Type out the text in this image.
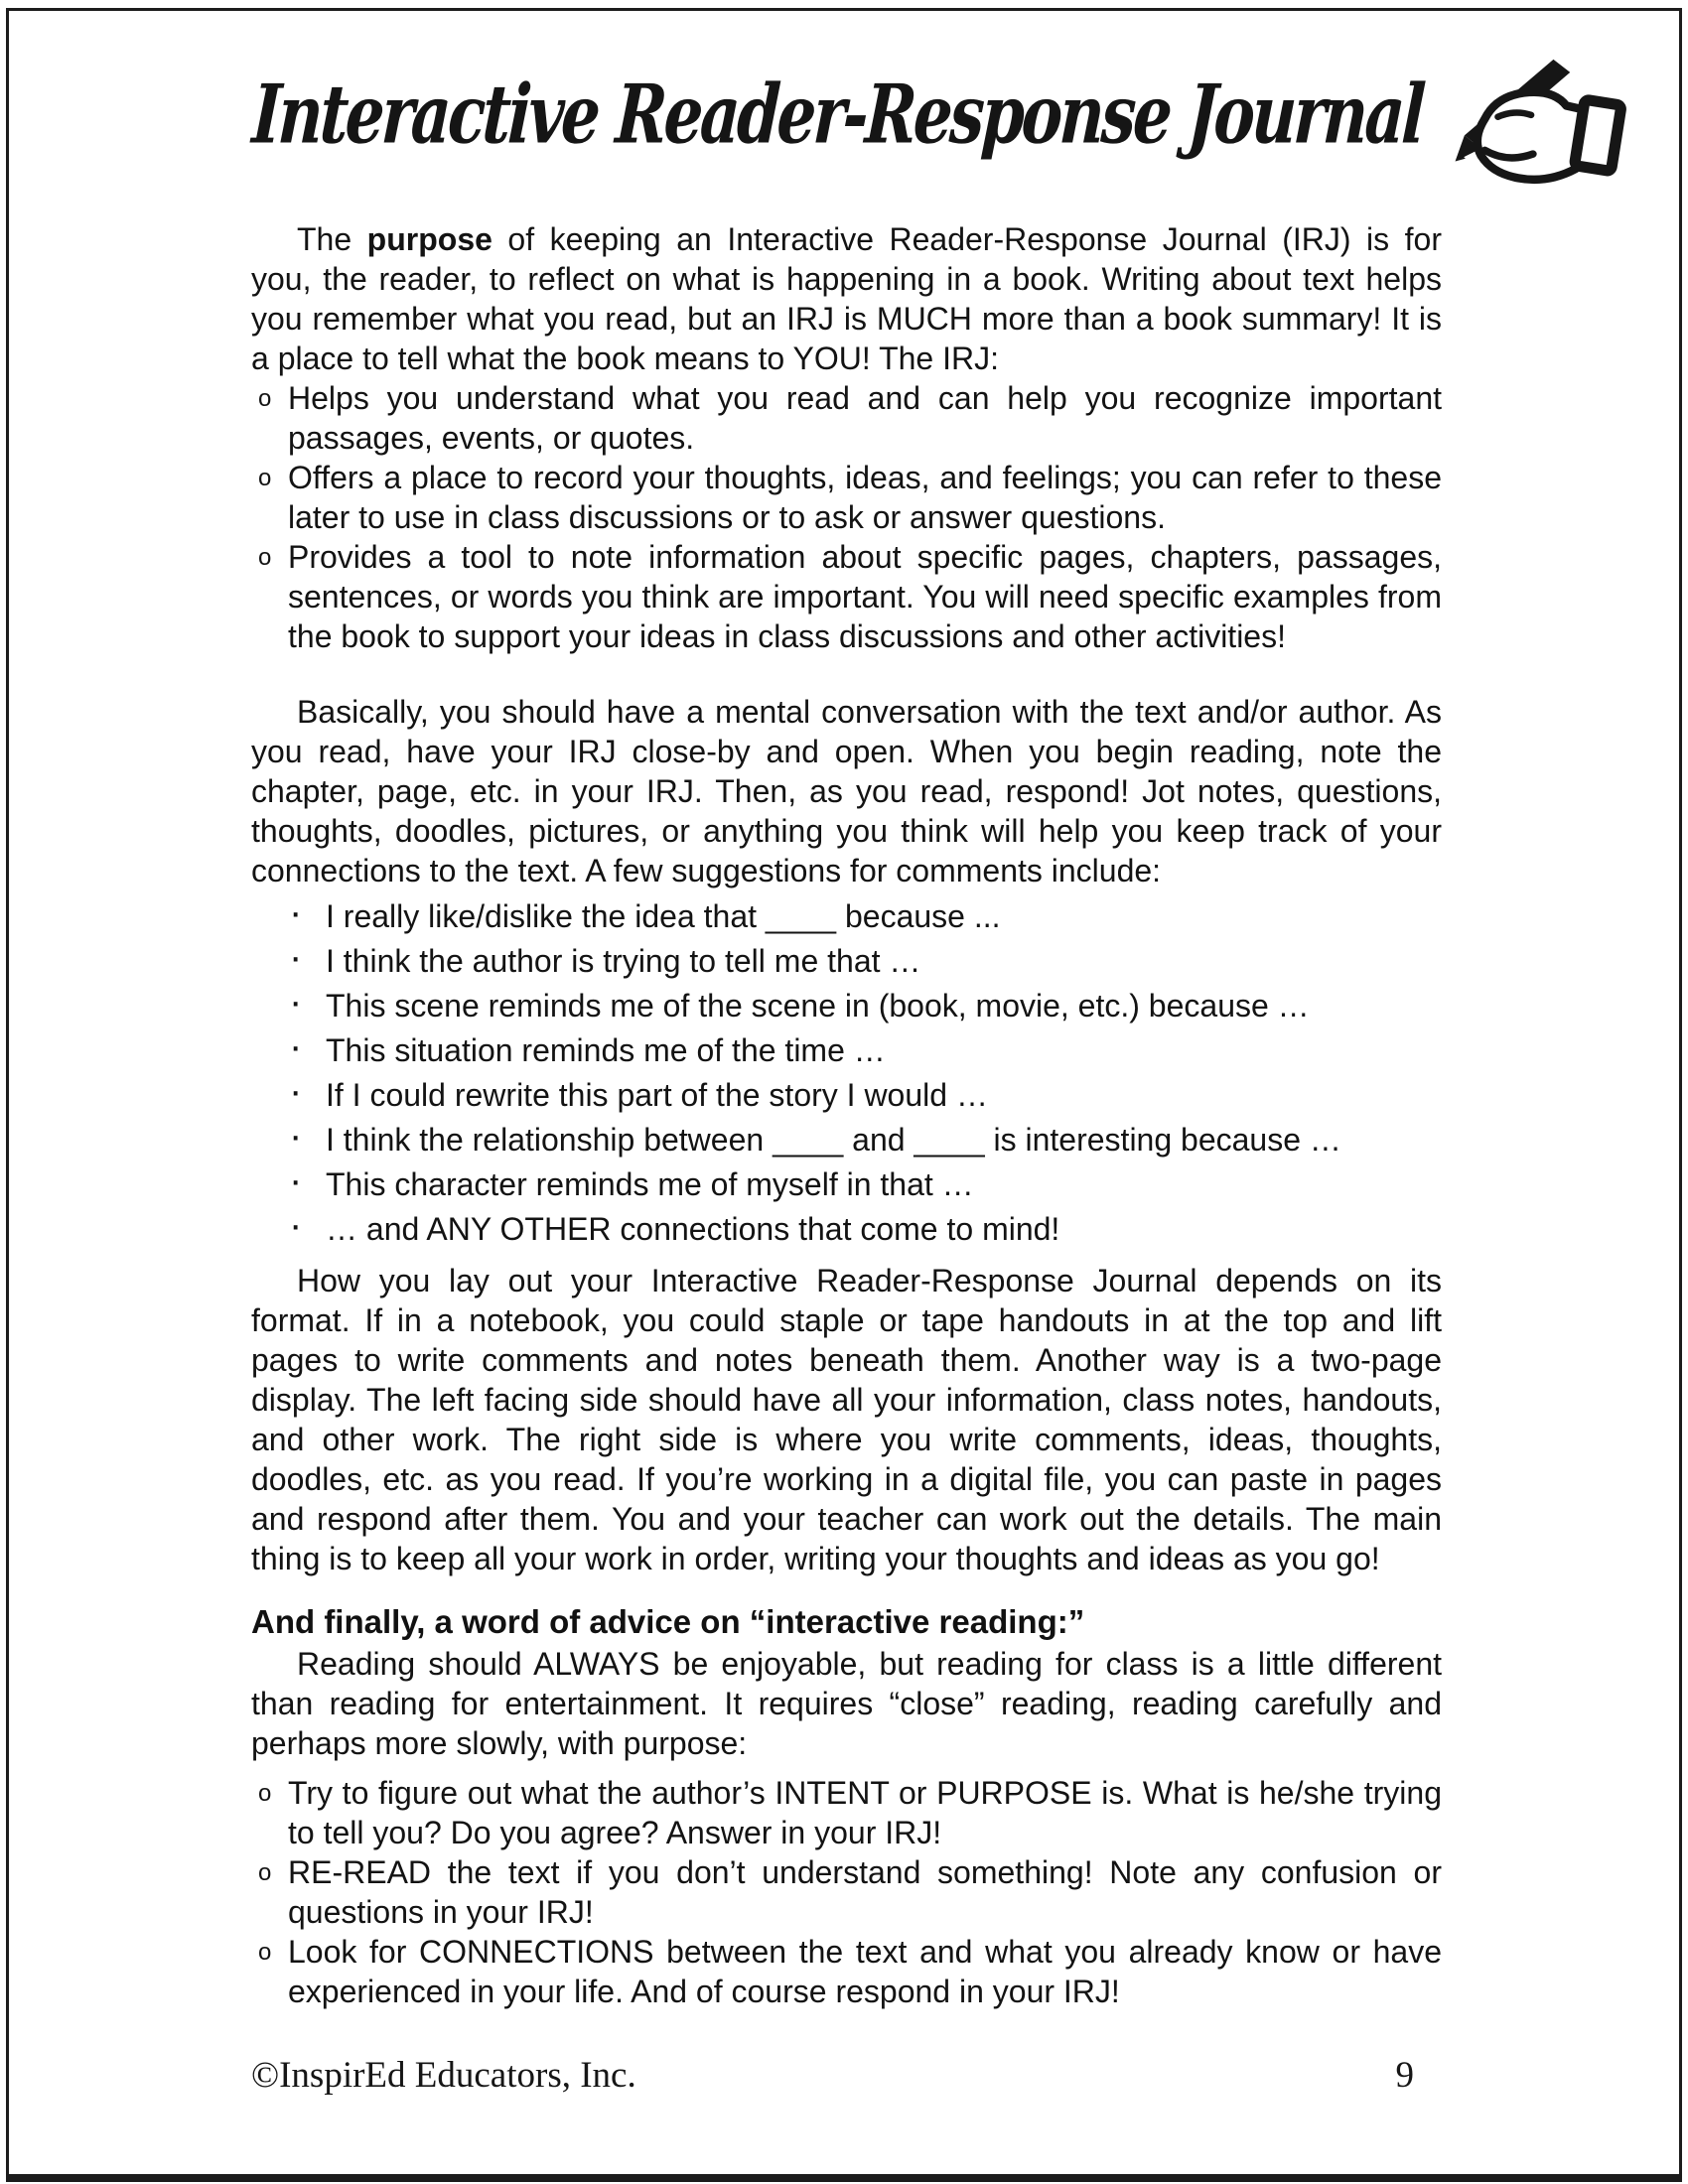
Interactive Reader-Response Journal

The purpose of keeping an Interactive Reader-Response Journal (IRJ) is for you, the reader, to reflect on what is happening in a book. Writing about text helps you remember what you read, but an IRJ is MUCH more than a book summary! It is a place to tell what the book means to YOU! The IRJ:

o Helps you understand what you read and can help you recognize important passages, events, or quotes.
o Offers a place to record your thoughts, ideas, and feelings; you can refer to these later to use in class discussions or to ask or answer questions.
o Provides a tool to note information about specific pages, chapters, passages, sentences, or words you think are important. You will need specific examples from the book to support your ideas in class discussions and other activities!

Basically, you should have a mental conversation with the text and/or author. As you read, have your IRJ close-by and open. When you begin reading, note the chapter, page, etc. in your IRJ. Then, as you read, respond! Jot notes, questions, thoughts, doodles, pictures, or anything you think will help you keep track of your connections to the text. A few suggestions for comments include:

· I really like/dislike the idea that ____ because ...
· I think the author is trying to tell me that …
· This scene reminds me of the scene in (book, movie, etc.) because …
· This situation reminds me of the time …
· If I could rewrite this part of the story I would …
· I think the relationship between ____ and ____ is interesting because …
· This character reminds me of myself in that …
· … and ANY OTHER connections that come to mind!

How you lay out your Interactive Reader-Response Journal depends on its format. If in a notebook, you could staple or tape handouts in at the top and lift pages to write comments and notes beneath them. Another way is a two-page display. The left facing side should have all your information, class notes, handouts, and other work. The right side is where you write comments, ideas, thoughts, doodles, etc. as you read. If you’re working in a digital file, you can paste in pages and respond after them. You and your teacher can work out the details. The main thing is to keep all your work in order, writing your thoughts and ideas as you go!

And finally, a word of advice on “interactive reading:”

Reading should ALWAYS be enjoyable, but reading for class is a little different than reading for entertainment. It requires “close” reading, reading carefully and perhaps more slowly, with purpose:

o Try to figure out what the author’s INTENT or PURPOSE is. What is he/she trying to tell you? Do you agree? Answer in your IRJ!
o RE-READ the text if you don’t understand something! Note any confusion or questions in your IRJ!
o Look for CONNECTIONS between the text and what you already know or have experienced in your life. And of course respond in your IRJ!
©InspirEd Educators, Inc.	9
